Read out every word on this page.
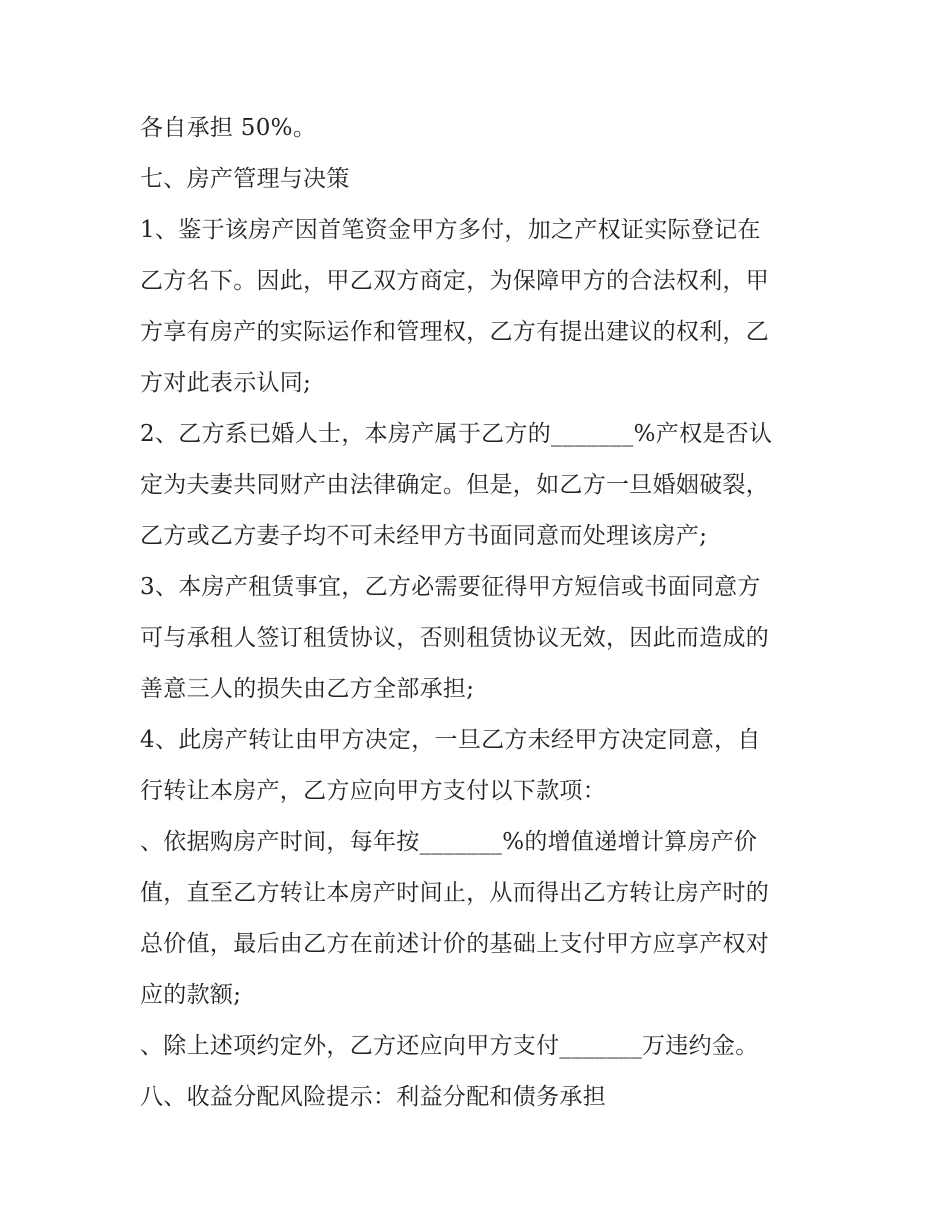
各自承担 50%。
七、房产管理与决策
1、鉴于该房产因首笔资金甲方多付，加之产权证实际登记在
乙方名下。因此，甲乙双方商定，为保障甲方的合法权利，甲
方享有房产的实际运作和管理权，乙方有提出建议的权利，乙
方对此表示认同;
2、乙方系已婚人士，本房产属于乙方的_______%产权是否认
定为夫妻共同财产由法律确定。但是，如乙方一旦婚姻破裂，
乙方或乙方妻子均不可未经甲方书面同意而处理该房产;
3、本房产租赁事宜，乙方必需要征得甲方短信或书面同意方
可与承租人签订租赁协议，否则租赁协议无效，因此而造成的
善意三人的损失由乙方全部承担;
4、此房产转让由甲方决定，一旦乙方未经甲方决定同意，自
行转让本房产，乙方应向甲方支付以下款项：
、依据购房产时间，每年按_______%的增值递增计算房产价
值，直至乙方转让本房产时间止，从而得出乙方转让房产时的
总价值，最后由乙方在前述计价的基础上支付甲方应享产权对
应的款额;
、除上述项约定外，乙方还应向甲方支付_______万违约金。
八、收益分配风险提示：利益分配和债务承担
